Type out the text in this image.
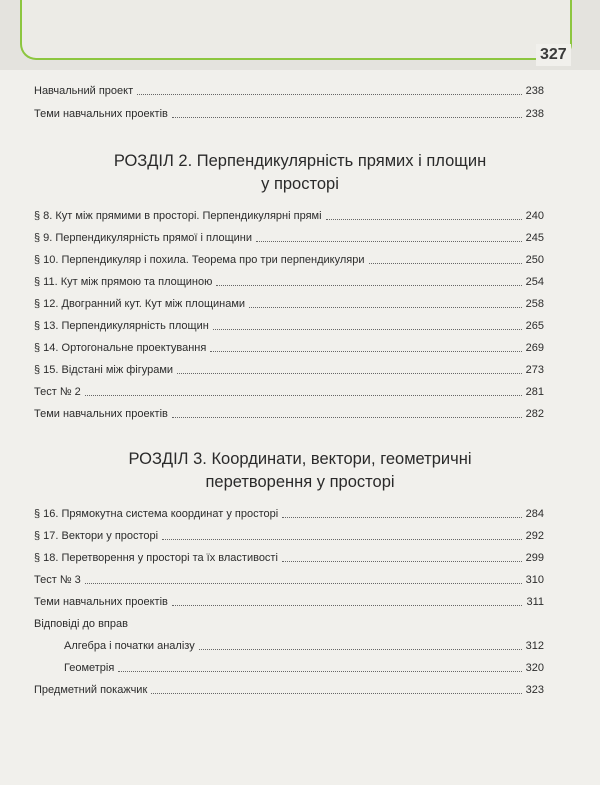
327
Навчальний проект	238
Теми навчальних проектів	238
РОЗДІЛ 2. Перпендикулярність прямих і площин
у просторі
§ 8. Кут між прямими в просторі. Перпендикулярні прямі	240
§ 9. Перпендикулярність прямої і площини	245
§ 10. Перпендикуляр і похила. Теорема про три перпендикуляри	250
§ 11. Кут між прямою та площиною	254
§ 12. Двогранний кут. Кут між площинами	258
§ 13. Перпендикулярність площин	265
§ 14. Ортогональне проектування	269
§ 15. Відстані між фігурами	273
Тест № 2	281
Теми навчальних проектів	282
РОЗДІЛ 3. Координати, вектори, геометричні
перетворення у просторі
§ 16. Прямокутна система координат у просторі	284
§ 17. Вектори у просторі	292
§ 18. Перетворення у просторі та їх властивості	299
Тест № 3	310
Теми навчальних проектів	311
Відповіді до вправ
Алгебра і початки аналізу	312
Геометрія	320
Предметний покажчик	323
